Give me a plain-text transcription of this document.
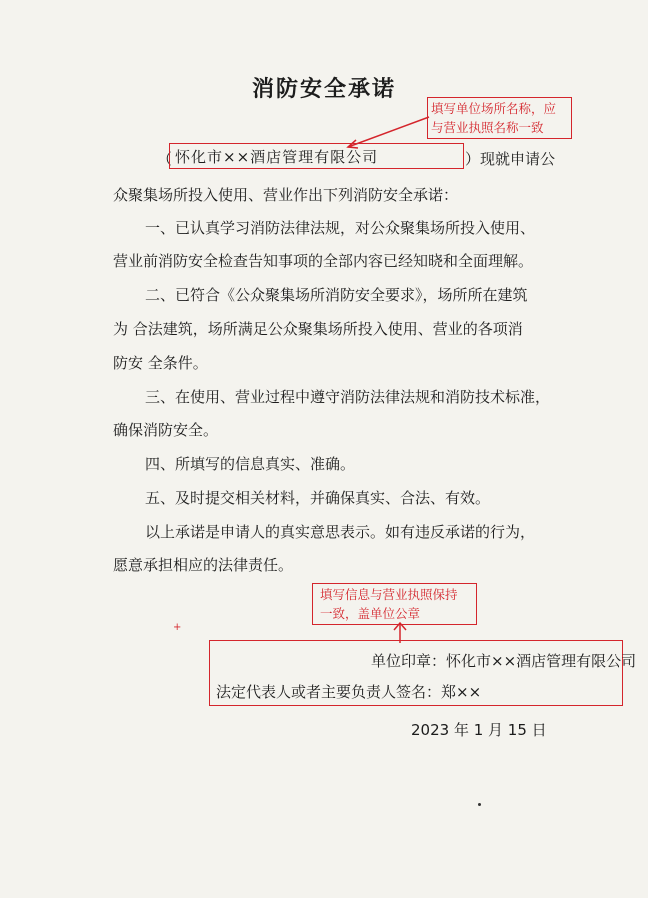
消防安全承诺
填写单位场所名称，应
与营业执照名称一致
（ 怀化市××酒店管理有限公司	）现就申请公
众聚集场所投入使用、营业作出下列消防安全承诺：
一、已认真学习消防法律法规，对公众聚集场所投入使用、
营业前消防安全检查告知事项的全部内容已经知晓和全面理解。
二、已符合《公众聚集场所消防安全要求》，场所所在建筑
为 合法建筑，场所满足公众聚集场所投入使用、营业的各项消
防安 全条件。
三、在使用、营业过程中遵守消防法律法规和消防技术标准，
确保消防安全。
四、所填写的信息真实、准确。
五、及时提交相关材料，并确保真实、合法、有效。
以上承诺是申请人的真实意思表示。如有违反承诺的行为，
愿意承担相应的法律责任。
填写信息与营业执照保持
一致，盖单位公章
+
单位印章：怀化市××酒店管理有限公司
法定代表人或者主要负责人签名：郑××
2023 年 1 月 15 日
